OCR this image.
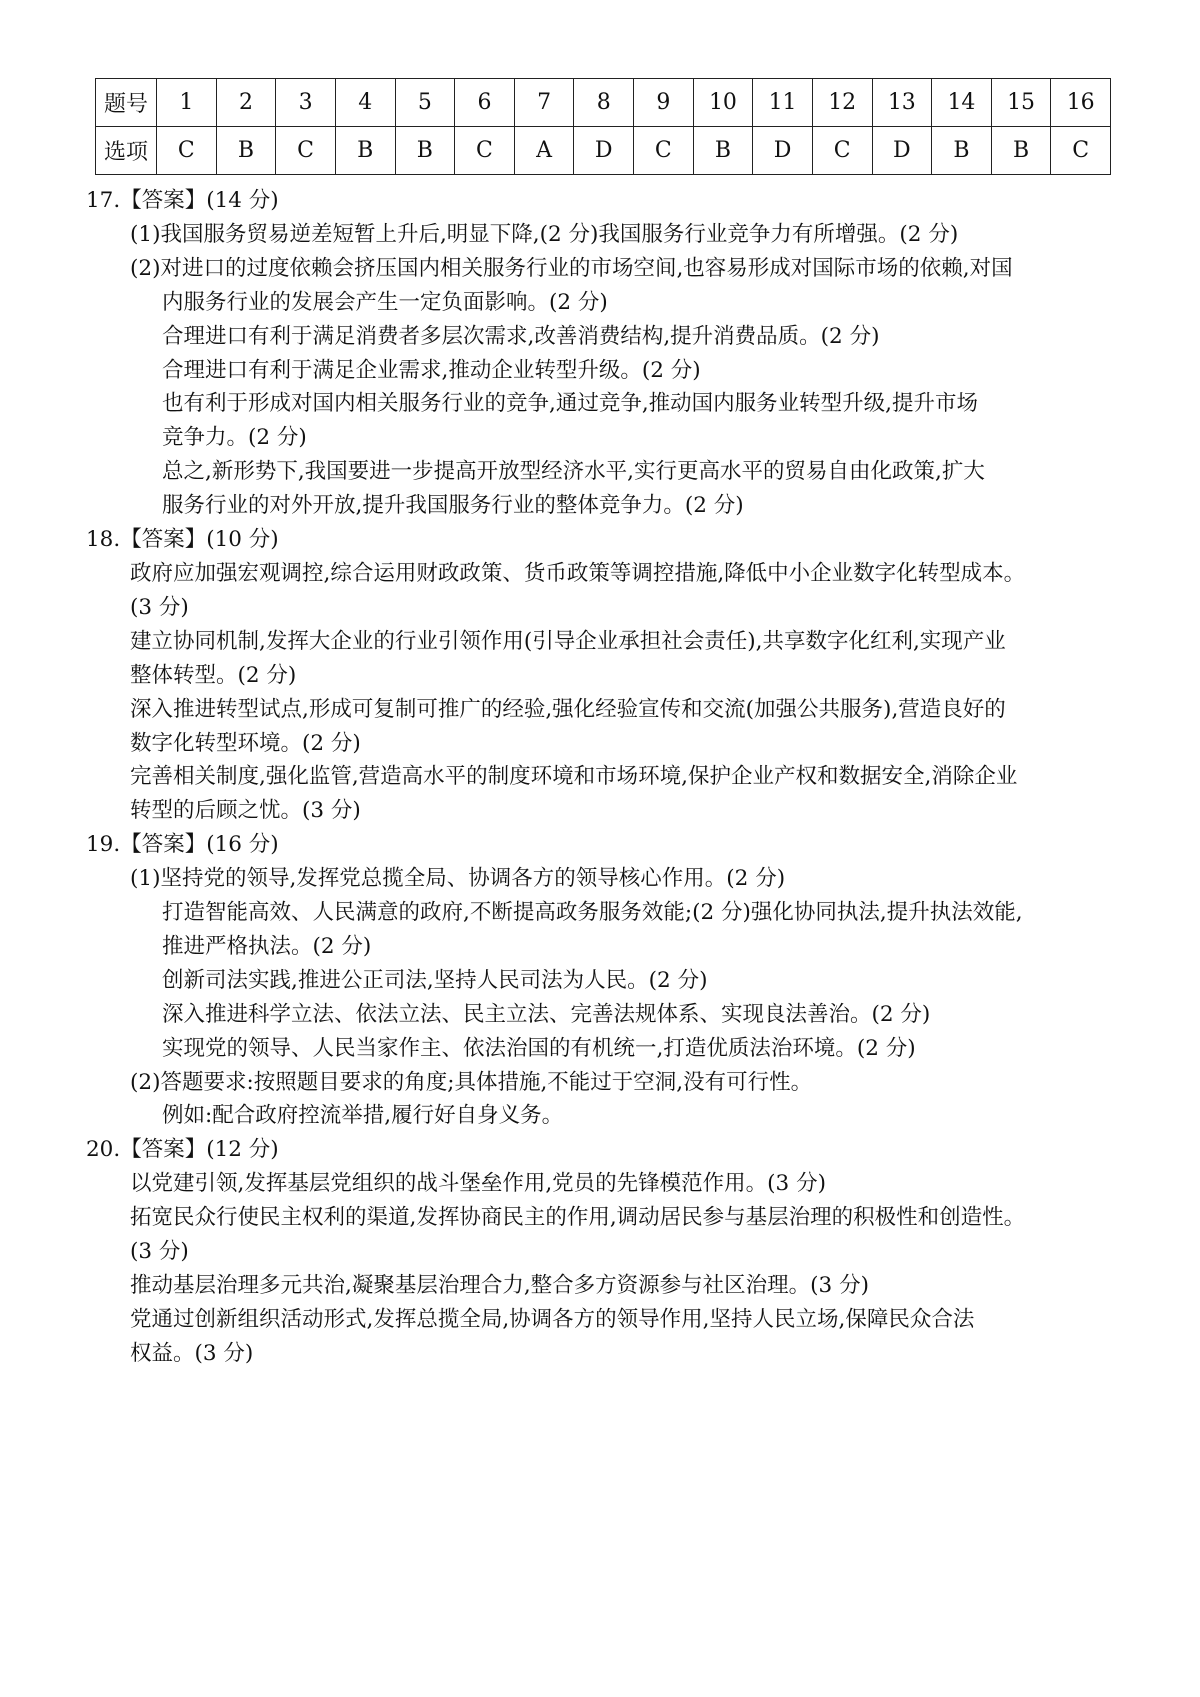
题号	1	2	3	4	5	6	7	8	9	10	11	12	13	14	15	16
选项	C	B	C	B	B	C	A	D	C	B	D	C	D	B	B	C
17.【答案】(14 分)
(1)我国服务贸易逆差短暂上升后,明显下降,(2 分)我国服务行业竞争力有所增强。(2 分)
(2)对进口的过度依赖会挤压国内相关服务行业的市场空间,也容易形成对国际市场的依赖,对国
内服务行业的发展会产生一定负面影响。(2 分)
合理进口有利于满足消费者多层次需求,改善消费结构,提升消费品质。(2 分)
合理进口有利于满足企业需求,推动企业转型升级。(2 分)
也有利于形成对国内相关服务行业的竞争,通过竞争,推动国内服务业转型升级,提升市场
竞争力。(2 分)
总之,新形势下,我国要进一步提高开放型经济水平,实行更高水平的贸易自由化政策,扩大
服务行业的对外开放,提升我国服务行业的整体竞争力。(2 分)
18.【答案】(10 分)
政府应加强宏观调控,综合运用财政政策、货币政策等调控措施,降低中小企业数字化转型成本。
(3 分)
建立协同机制,发挥大企业的行业引领作用(引导企业承担社会责任),共享数字化红利,实现产业
整体转型。(2 分)
深入推进转型试点,形成可复制可推广的经验,强化经验宣传和交流(加强公共服务),营造良好的
数字化转型环境。(2 分)
完善相关制度,强化监管,营造高水平的制度环境和市场环境,保护企业产权和数据安全,消除企业
转型的后顾之忧。(3 分)
19.【答案】(16 分)
(1)坚持党的领导,发挥党总揽全局、协调各方的领导核心作用。(2 分)
打造智能高效、人民满意的政府,不断提高政务服务效能;(2 分)强化协同执法,提升执法效能,
推进严格执法。(2 分)
创新司法实践,推进公正司法,坚持人民司法为人民。(2 分)
深入推进科学立法、依法立法、民主立法、完善法规体系、实现良法善治。(2 分)
实现党的领导、人民当家作主、依法治国的有机统一,打造优质法治环境。(2 分)
(2)答题要求:按照题目要求的角度;具体措施,不能过于空洞,没有可行性。
例如:配合政府控流举措,履行好自身义务。
20.【答案】(12 分)
以党建引领,发挥基层党组织的战斗堡垒作用,党员的先锋模范作用。(3 分)
拓宽民众行使民主权利的渠道,发挥协商民主的作用,调动居民参与基层治理的积极性和创造性。
(3 分)
推动基层治理多元共治,凝聚基层治理合力,整合多方资源参与社区治理。(3 分)
党通过创新组织活动形式,发挥总揽全局,协调各方的领导作用,坚持人民立场,保障民众合法
权益。(3 分)
